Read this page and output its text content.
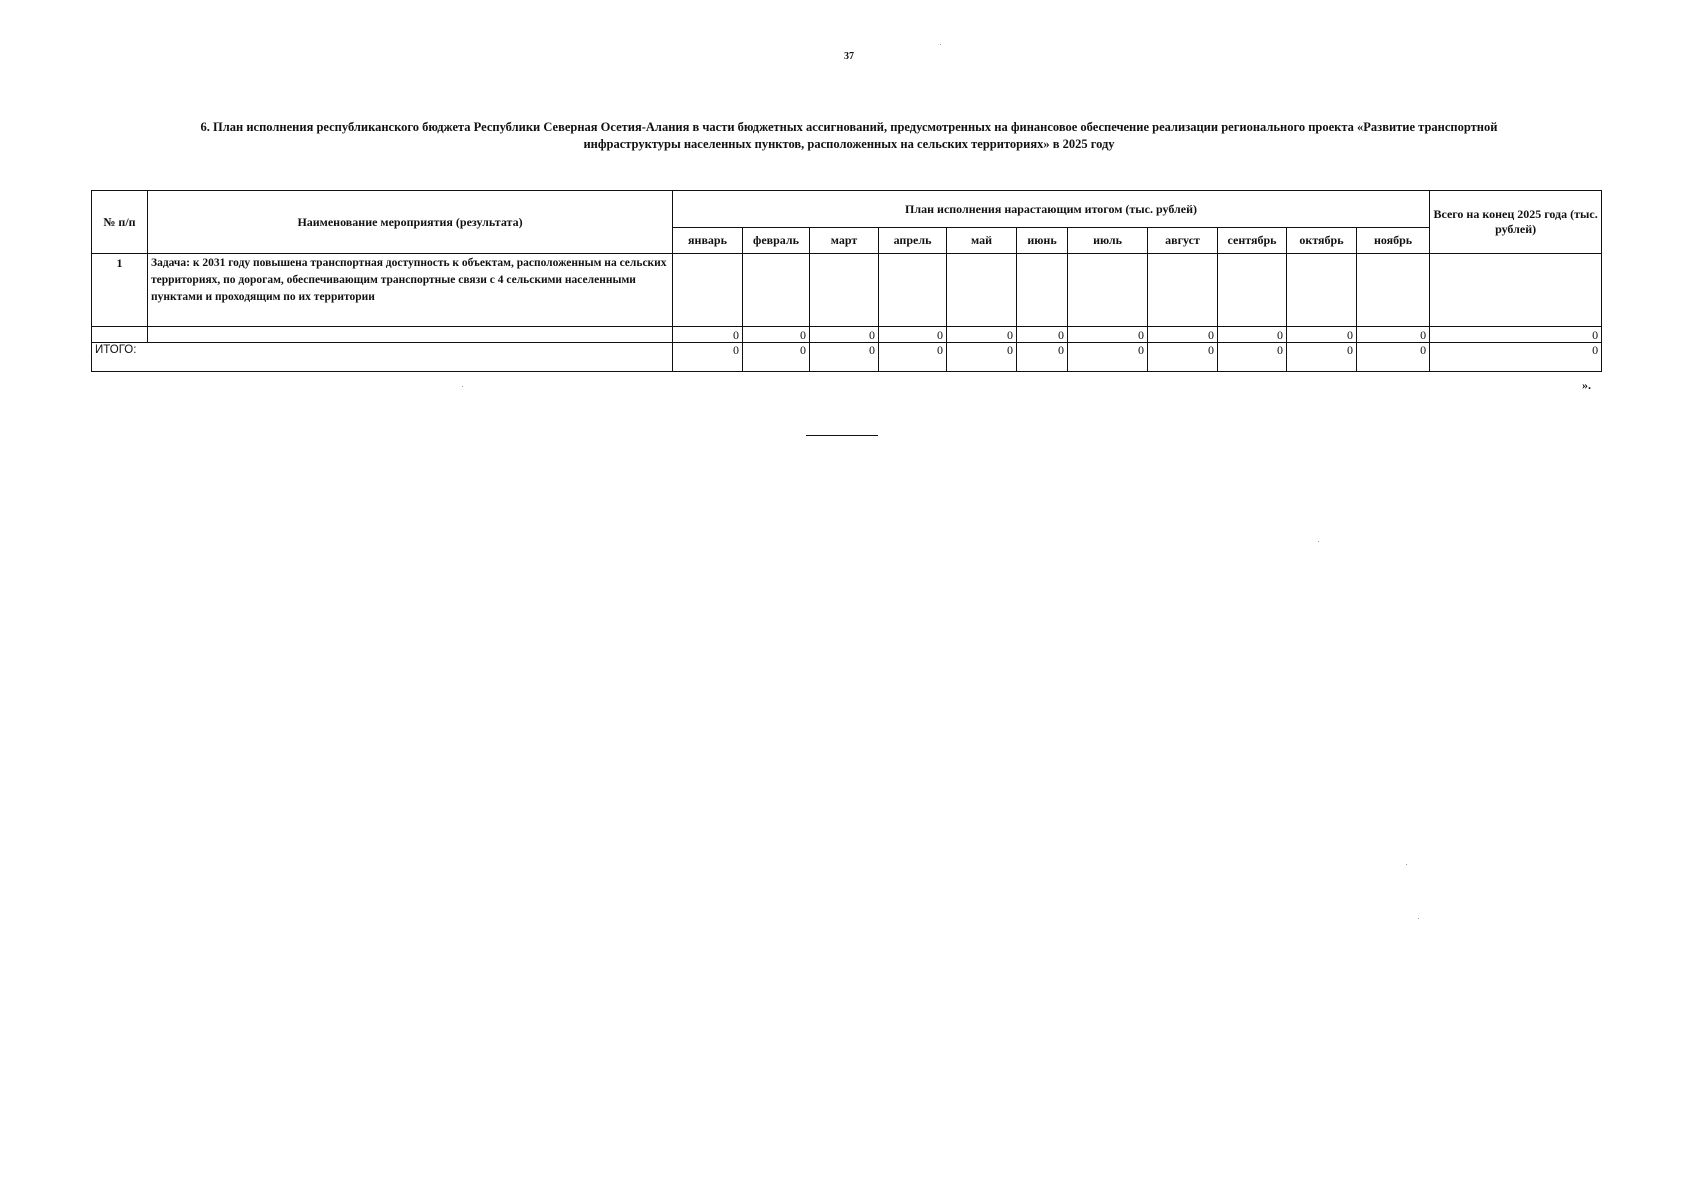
37
6. План исполнения республиканского бюджета Республики Северная Осетия-Алания в части бюджетных ассигнований, предусмотренных на финансовое обеспечение реализации регионального проекта «Развитие транспортной
инфраструктуры населенных пунктов, расположенных на сельских территориях» в 2025 году
№ п/п	Наименование мероприятия (результата)	План исполнения нарастающим итогом (тыс. рублей)											Всего на конец 2025 года (тыс. рублей)
		январь	февраль	март	апрель	май	июнь	июль	август	сентябрь	октябрь	ноябрь	
1	Задача: к 2031 году повышена транспортная доступность к объектам, расположенным на сельских территориях, по дорогам, обеспечивающим транспортные связи с 4 сельскими населенными пунктами и проходящим по их территории												
		0	0	0	0	0	0	0	0	0	0	0	0
ИТОГО:		0	0	0	0	0	0	0	0	0	0	0	0
».
